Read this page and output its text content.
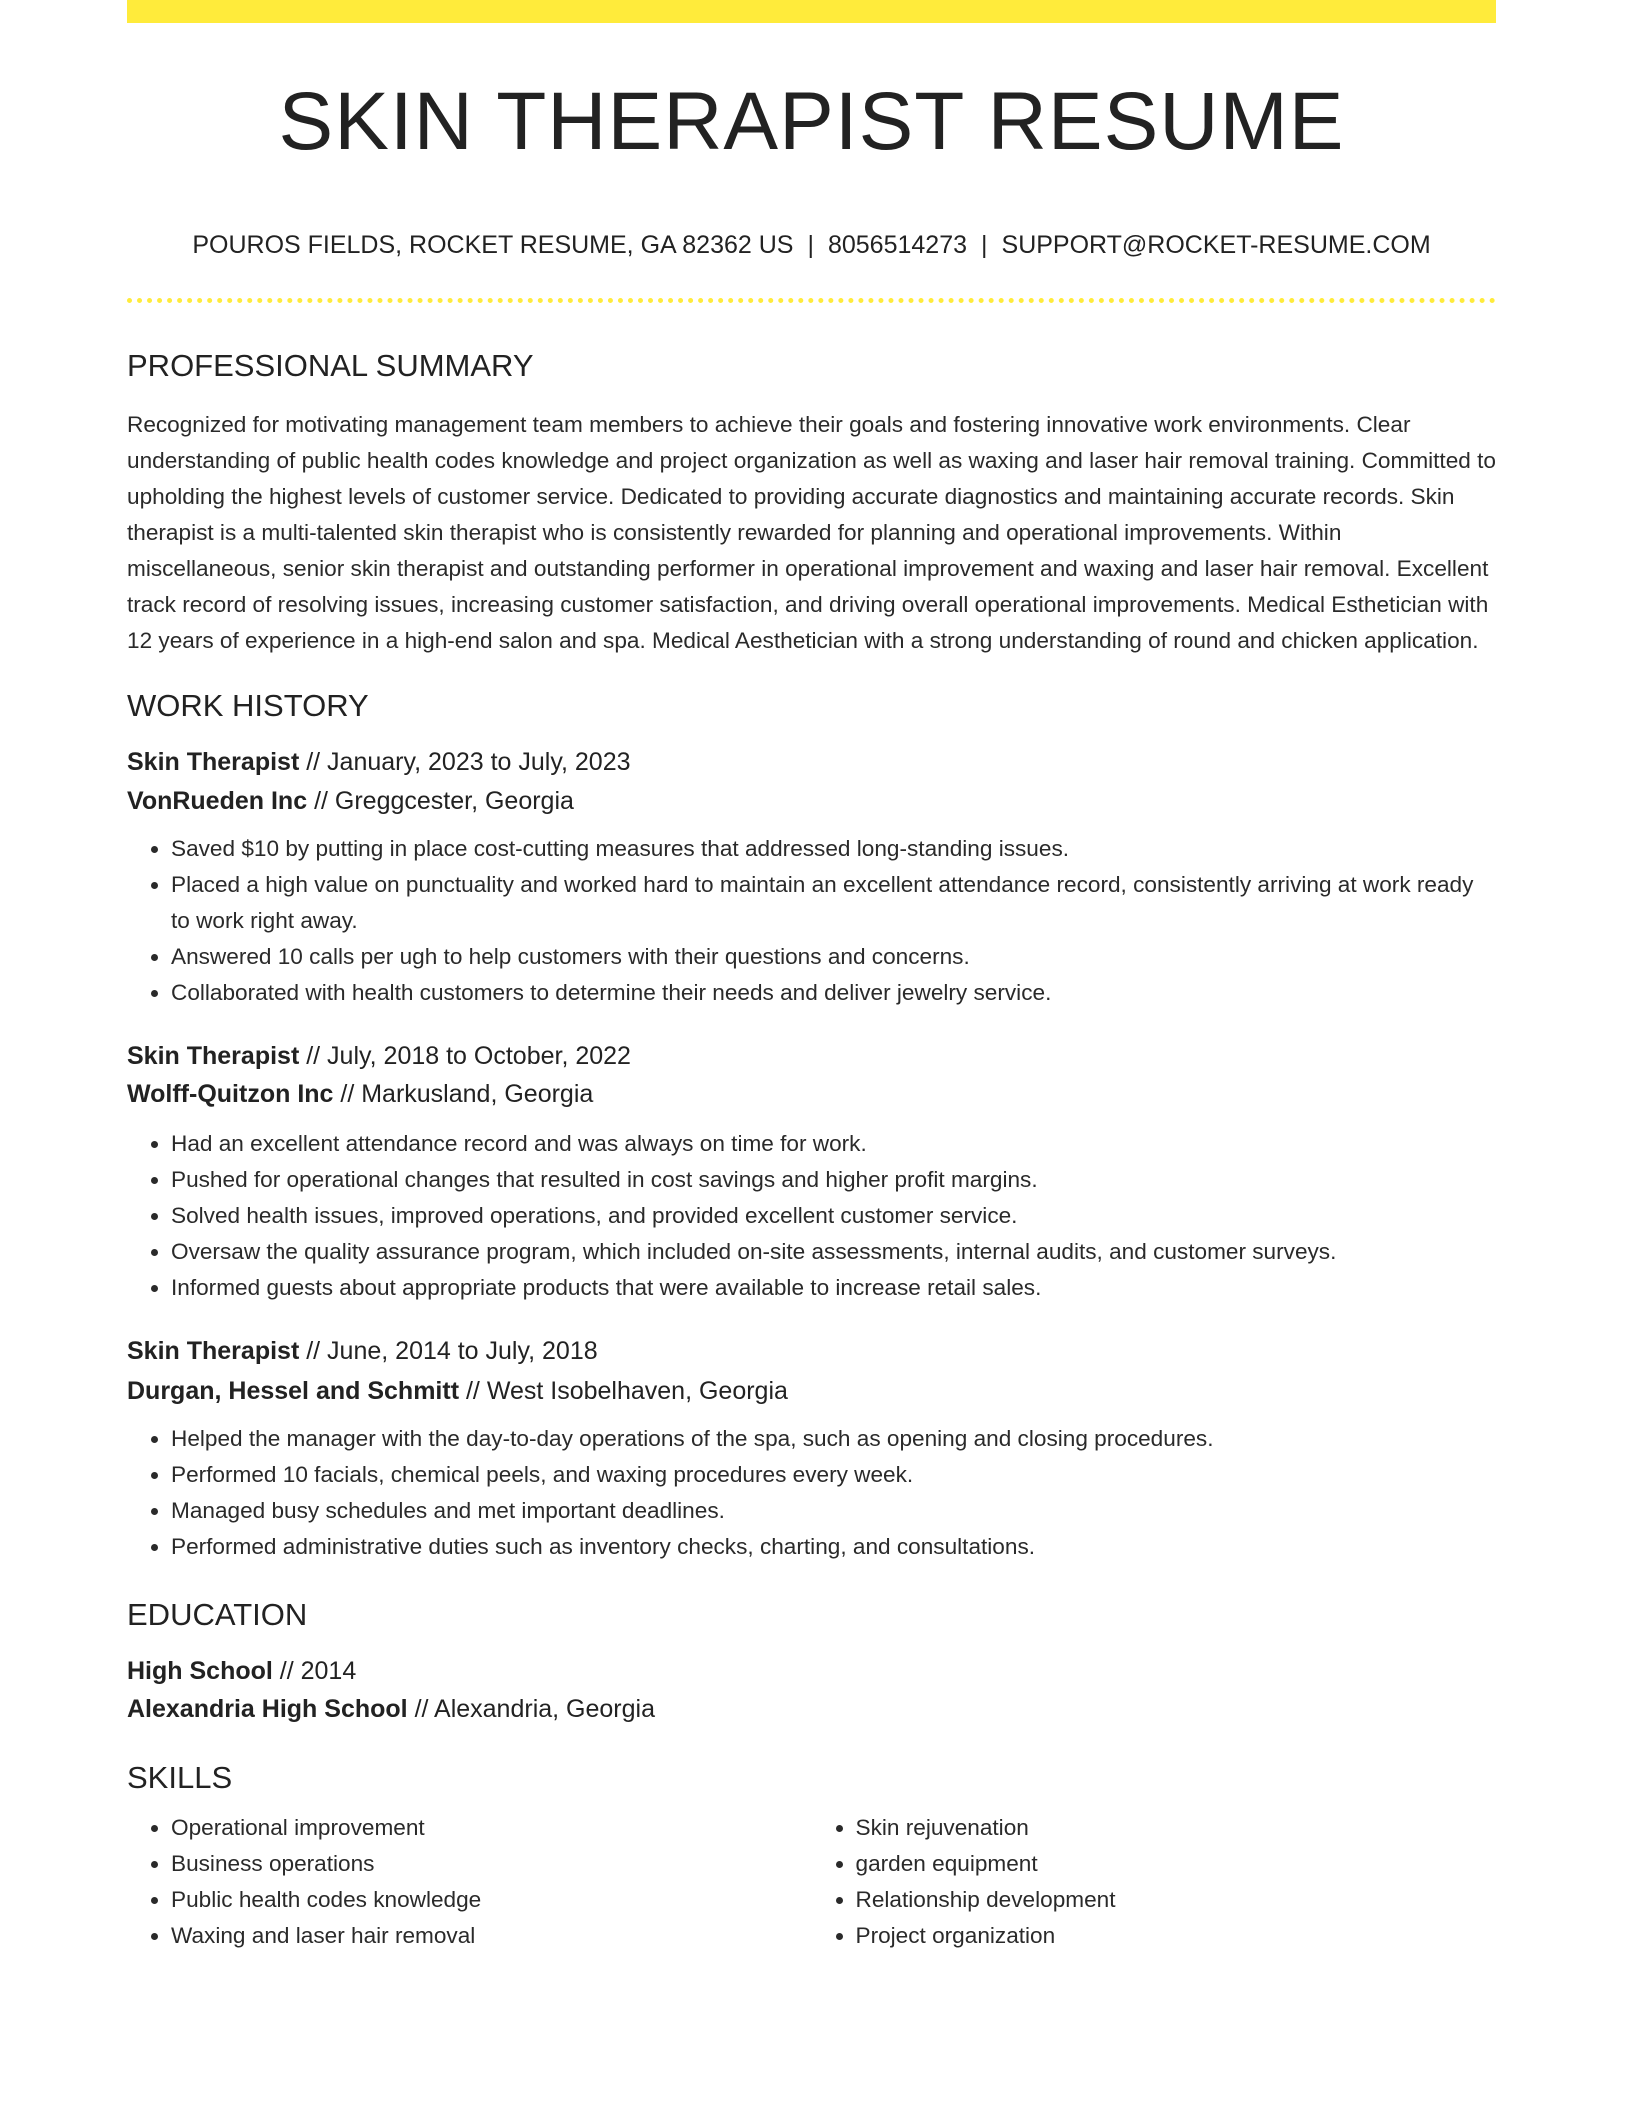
SKIN THERAPIST RESUME
POUROS FIELDS, ROCKET RESUME, GA 82362 US | 8056514273 | SUPPORT@ROCKET-RESUME.COM
PROFESSIONAL SUMMARY

Recognized for motivating management team members to achieve their goals and fostering innovative work environments. Clear understanding of public health codes knowledge and project organization as well as waxing and laser hair removal training. Committed to upholding the highest levels of customer service. Dedicated to providing accurate diagnostics and maintaining accurate records. Skin therapist is a multi-talented skin therapist who is consistently rewarded for planning and operational improvements. Within miscellaneous, senior skin therapist and outstanding performer in operational improvement and waxing and laser hair removal. Excellent track record of resolving issues, increasing customer satisfaction, and driving overall operational improvements. Medical Esthetician with 12 years of experience in a high-end salon and spa. Medical Aesthetician with a strong understanding of round and chicken application.

WORK HISTORY
Skin Therapist // January, 2023 to July, 2023
VonRueden Inc // Greggcester, Georgia
• Saved $10 by putting in place cost-cutting measures that addressed long-standing issues.
• Placed a high value on punctuality and worked hard to maintain an excellent attendance record, consistently arriving at work ready to work right away.
• Answered 10 calls per ugh to help customers with their questions and concerns.
• Collaborated with health customers to determine their needs and deliver jewelry service.
Skin Therapist // July, 2018 to October, 2022
Wolff-Quitzon Inc // Markusland, Georgia
• Had an excellent attendance record and was always on time for work.
• Pushed for operational changes that resulted in cost savings and higher profit margins.
• Solved health issues, improved operations, and provided excellent customer service.
• Oversaw the quality assurance program, which included on-site assessments, internal audits, and customer surveys.
• Informed guests about appropriate products that were available to increase retail sales.
Skin Therapist // June, 2014 to July, 2018
Durgan, Hessel and Schmitt // West Isobelhaven, Georgia
• Helped the manager with the day-to-day operations of the spa, such as opening and closing procedures.
• Performed 10 facials, chemical peels, and waxing procedures every week.
• Managed busy schedules and met important deadlines.
• Performed administrative duties such as inventory checks, charting, and consultations.
EDUCATION
High School // 2014
Alexandria High School // Alexandria, Georgia
SKILLS
• Operational improvement
• Business operations
• Public health codes knowledge
• Waxing and laser hair removal
• Skin rejuvenation
• garden equipment
• Relationship development
• Project organization
